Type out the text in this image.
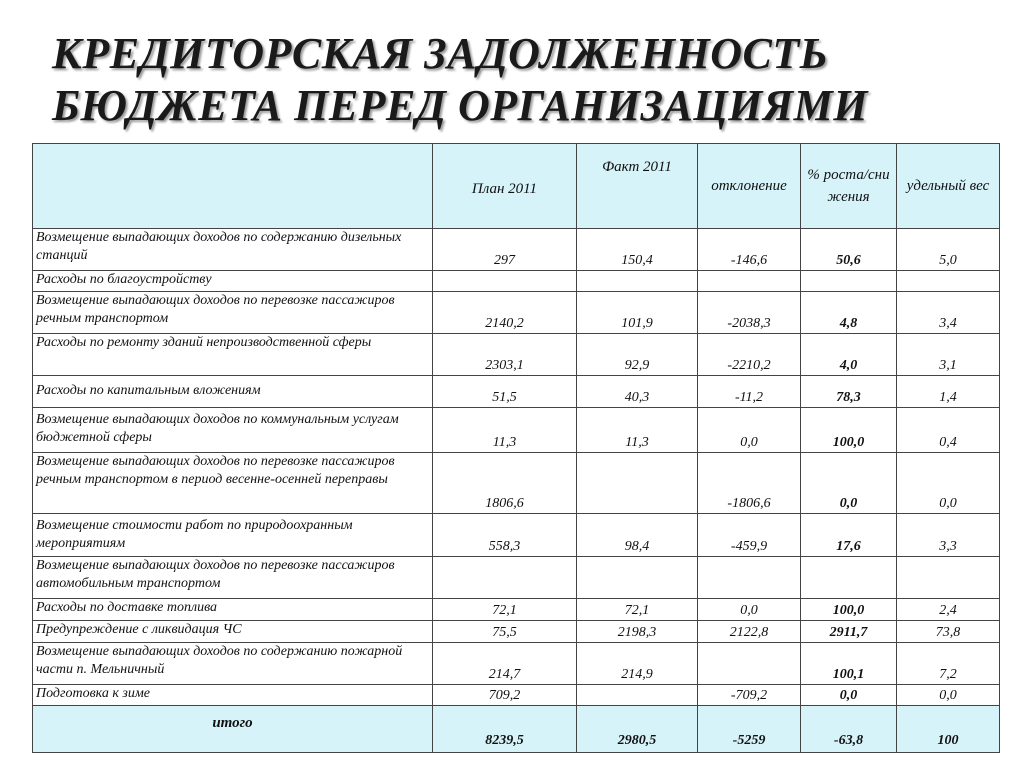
КРЕДИТОРСКАЯ ЗАДОЛЖЕННОСТЬ
БЮДЖЕТА ПЕРЕД ОРГАНИЗАЦИЯМИ
	План 2011	Факт 2011	отклонение	% роста/снижения	удельный вес
Возмещение выпадающих доходов по содержанию дизельных станций	297	150,4	-146,6	50,6	5,0
Расходы по благоустройству					
Возмещение выпадающих доходов по перевозке пассажиров речным транспортом	2140,2	101,9	-2038,3	4,8	3,4
Расходы по ремонту зданий непроизводственной сферы	2303,1	92,9	-2210,2	4,0	3,1
Расходы по капитальным вложениям	51,5	40,3	-11,2	78,3	1,4
Возмещение выпадающих доходов по коммунальным услугам бюджетной сферы	11,3	11,3	0,0	100,0	0,4
Возмещение выпадающих доходов по перевозке пассажиров речным транспортом в период весенне-осенней переправы	1806,6		-1806,6	0,0	0,0
Возмещение стоимости работ по природоохранным мероприятиям	558,3	98,4	-459,9	17,6	3,3
Возмещение выпадающих доходов по перевозке пассажиров автомобильным транспортом					
Расходы по доставке топлива	72,1	72,1	0,0	100,0	2,4
Предупреждение с ликвидация ЧС	75,5	2198,3	2122,8	2911,7	73,8
Возмещение выпадающих доходов по содержанию пожарной части п. Мельничный	214,7	214,9		100,1	7,2
Подготовка к зиме	709,2		-709,2	0,0	0,0
итого	8239,5	2980,5	-5259	-63,8	100
